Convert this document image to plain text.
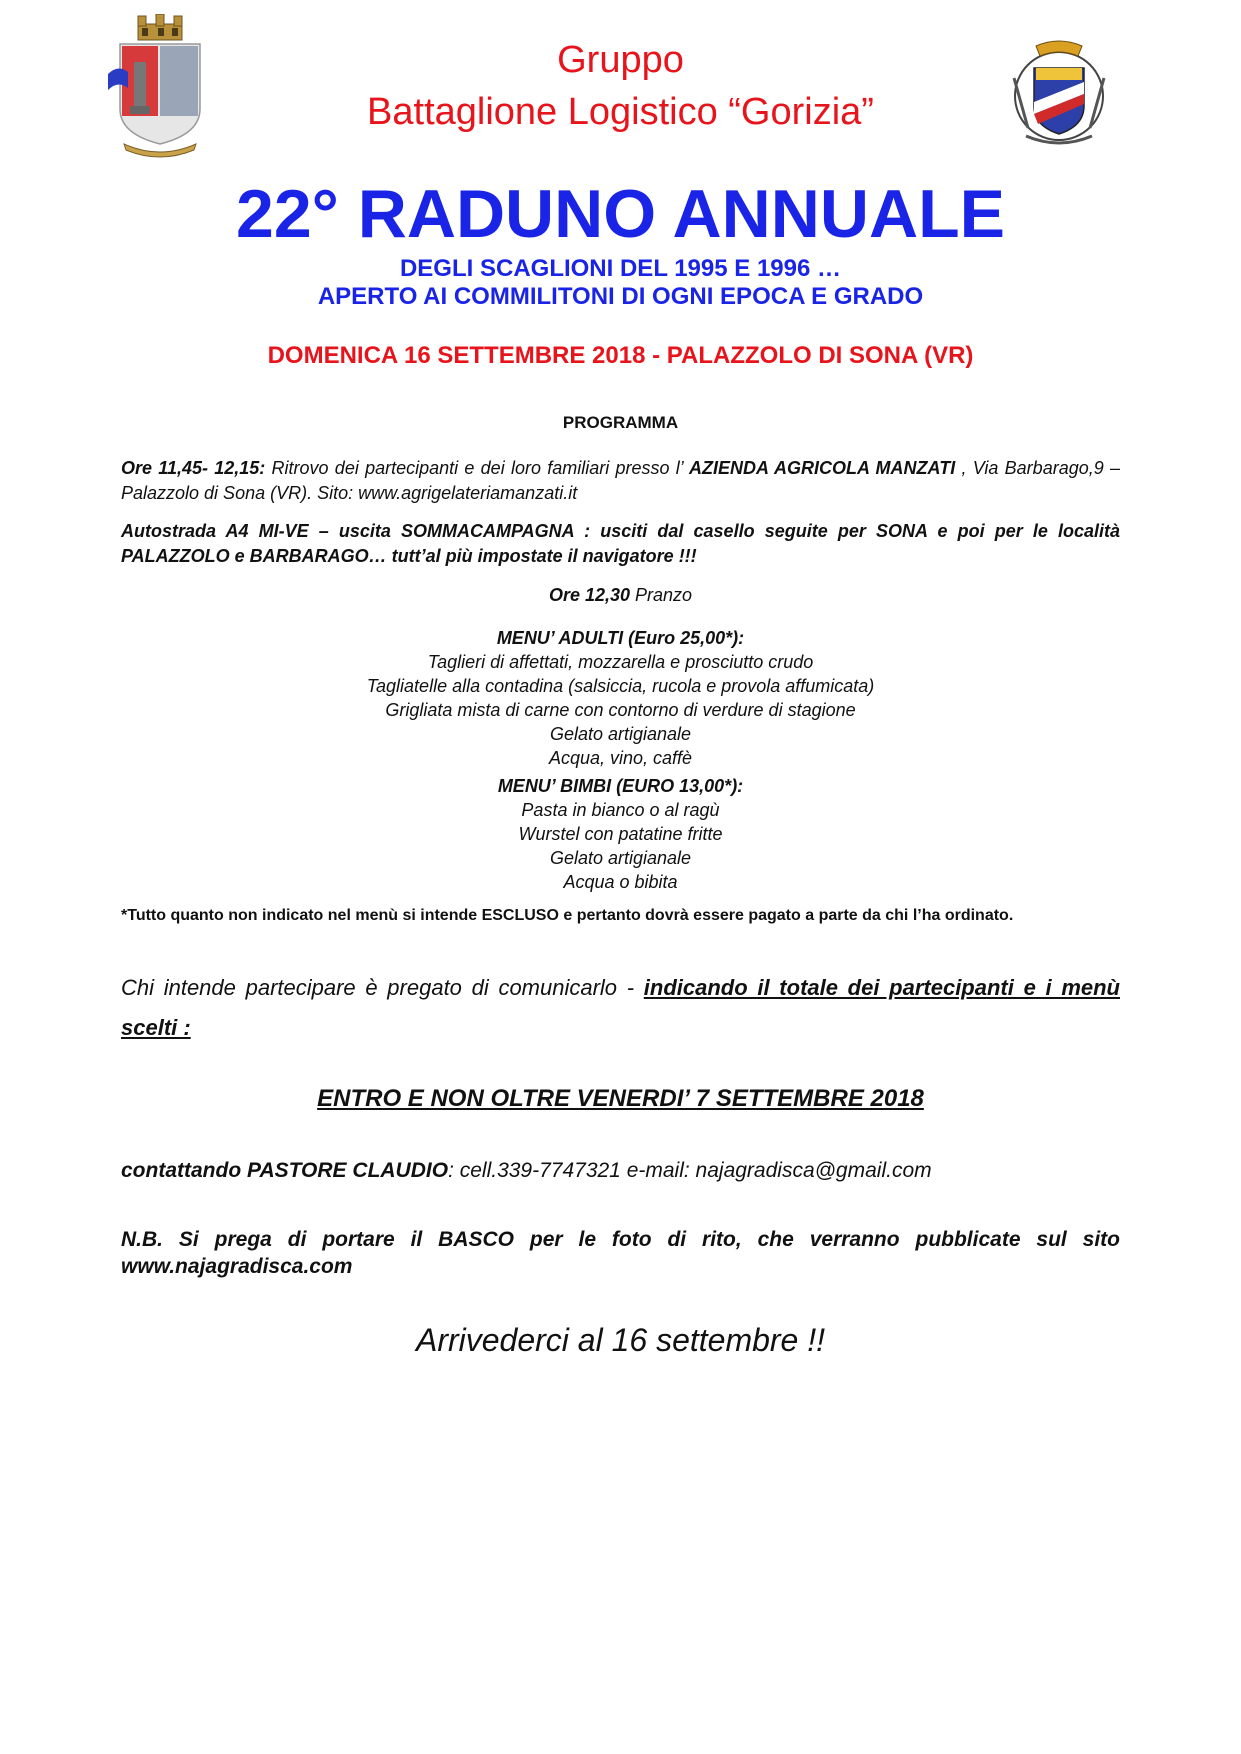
Gruppo
Battaglione Logistico “Gorizia”
22° RADUNO ANNUALE
DEGLI SCAGLIONI DEL 1995 E 1996 …
APERTO AI COMMILITONI DI OGNI EPOCA E GRADO
DOMENICA 16 SETTEMBRE 2018 - PALAZZOLO DI SONA (VR)
PROGRAMMA
Ore 11,45- 12,15: Ritrovo dei partecipanti e dei loro familiari presso l’ AZIENDA AGRICOLA MANZATI , Via Barbarago,9 – Palazzolo di Sona (VR). Sito: www.agrigelateriamanzati.it
Autostrada A4 MI-VE – uscita SOMMACAMPAGNA : usciti dal casello seguite per SONA e poi per le località PALAZZOLO e BARBARAGO… tutt’al più impostate il navigatore !!!
Ore 12,30 Pranzo
MENU’ ADULTI (Euro 25,00*):
Taglieri di affettati, mozzarella e prosciutto crudo
Tagliatelle alla contadina (salsiccia, rucola e provola affumicata)
Grigliata mista di carne con contorno di verdure di stagione
Gelato artigianale
Acqua, vino, caffè
MENU’ BIMBI (EURO 13,00*):
Pasta in bianco o al ragù
Wurstel con patatine fritte
Gelato artigianale
Acqua o bibita
*Tutto quanto non indicato nel menù si intende ESCLUSO e pertanto dovrà essere pagato a parte da chi l’ha ordinato.
Chi intende partecipare è pregato di comunicarlo - indicando il totale dei partecipanti e i menù scelti :
ENTRO E NON OLTRE VENERDI’ 7 SETTEMBRE 2018
contattando PASTORE CLAUDIO: cell.339-7747321 e-mail: najagradisca@gmail.com
N.B. Si prega di portare il BASCO per le foto di rito, che verranno pubblicate sul sito www.najagradisca.com
Arrivederci al 16 settembre !!
